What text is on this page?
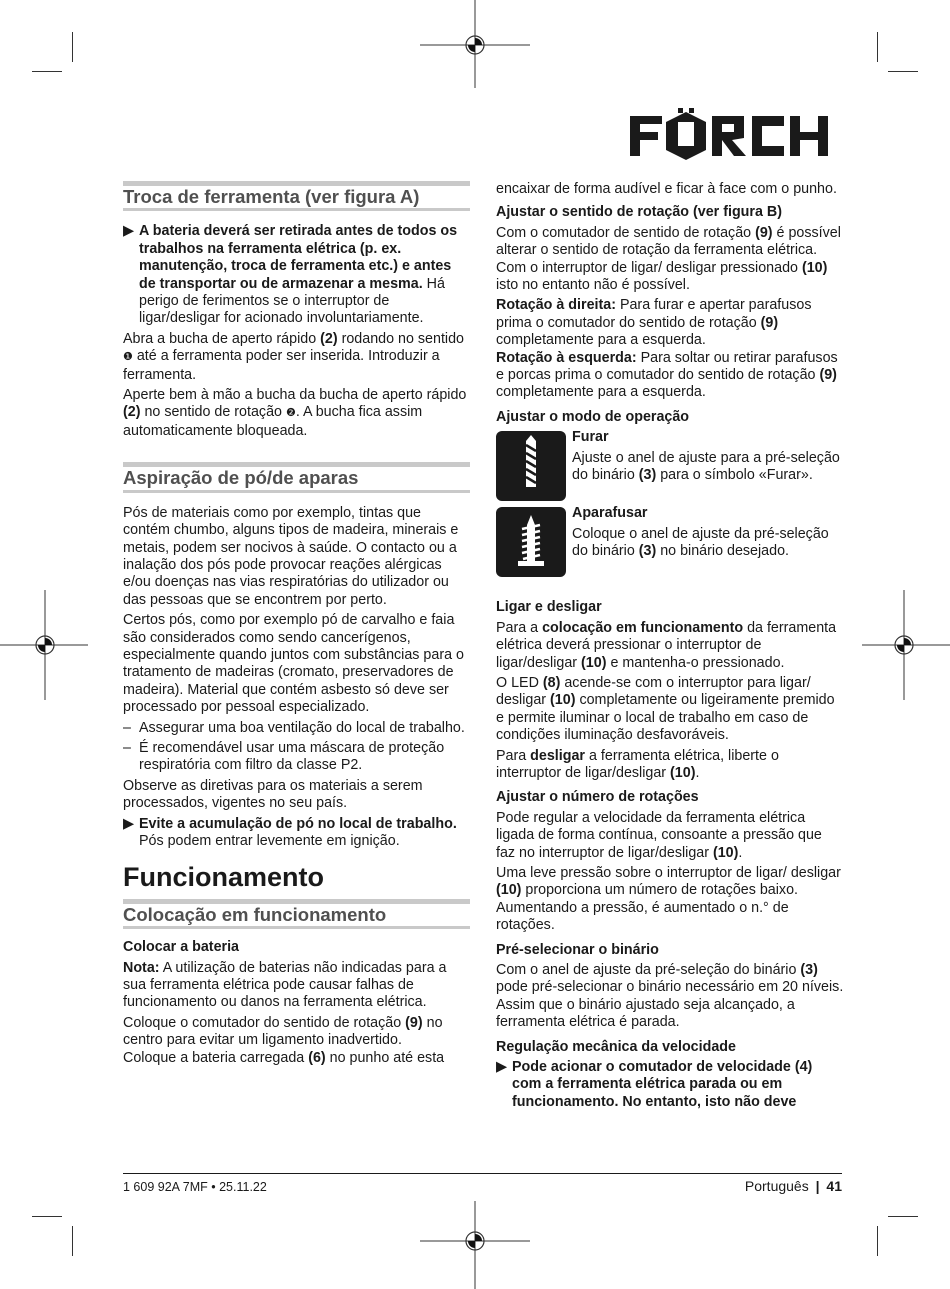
Troca de ferramenta (ver figura A)
▶ A bateria deverá ser retirada antes de todos os trabalhos na ferramenta elétrica (p. ex. manutenção, troca de ferramenta etc.) e antes de transportar ou de armazenar a mesma. Há perigo de ferimentos se o interruptor de ligar/desligar for acionado involuntariamente.

Abra a bucha de aperto rápido (2) rodando no sentido ❶ até a ferramenta poder ser inserida. Introduzir a ferramenta.

Aperte bem à mão a bucha da bucha de aperto rápido (2) no sentido de rotação ❷. A bucha fica assim automaticamente bloqueada.

Aspiração de pó/de aparas

Pós de materiais como por exemplo, tintas que contém chumbo, alguns tipos de madeira, minerais e metais, podem ser nocivos à saúde. O contacto ou a inalação dos pós pode provocar reações alérgicas e/ou doenças nas vias respiratórias do utilizador ou das pessoas que se encontrem por perto.

Certos pós, como por exemplo pó de carvalho e faia são considerados como sendo cancerígenos, especialmente quando juntos com substâncias para o tratamento de madeiras (cromato, preservadores de madeira). Material que contém asbesto só deve ser processado por pessoal especializado.

– Assegurar uma boa ventilação do local de trabalho.
– É recomendável usar uma máscara de proteção respiratória com filtro da classe P2.

Observe as diretivas para os materiais a serem processados, vigentes no seu país.

▶ Evite a acumulação de pó no local de trabalho. Pós podem entrar levemente em ignição.
Funcionamento
Colocação em funcionamento

Colocar a bateria

Nota: A utilização de baterias não indicadas para a sua ferramenta elétrica pode causar falhas de funcionamento ou danos na ferramenta elétrica.

Coloque o comutador do sentido de rotação (9) no centro para evitar um ligamento inadvertido.

Coloque a bateria carregada (6) no punho até esta

encaixar de forma audível e ficar à face com o punho.

Ajustar o sentido de rotação (ver figura B)

Com o comutador de sentido de rotação (9) é possível alterar o sentido de rotação da ferramenta elétrica. Com o interruptor de ligar/ desligar pressionado (10) isto no entanto não é possível.

Rotação à direita: Para furar e apertar parafusos prima o comutador do sentido de rotação (9) completamente para a esquerda.

Rotação à esquerda: Para soltar ou retirar parafusos e porcas prima o comutador do sentido de rotação (9) completamente para a esquerda.

Ajustar o modo de operação

Furar

Ajuste o anel de ajuste para a pré-seleção do binário (3) para o símbolo «Furar».

Aparafusar

Coloque o anel de ajuste da pré-seleção do binário (3) no binário desejado.

Ligar e desligar

Para a colocação em funcionamento da ferramenta elétrica deverá pressionar o interruptor de ligar/desligar (10) e mantenha-o pressionado.

O LED (8) acende-se com o interruptor para ligar/ desligar (10) completamente ou ligeiramente premido e permite iluminar o local de trabalho em caso de condições iluminação desfavoráveis.

Para desligar a ferramenta elétrica, liberte o interruptor de ligar/desligar (10).

Ajustar o número de rotações

Pode regular a velocidade da ferramenta elétrica ligada de forma contínua, consoante a pressão que faz no interruptor de ligar/desligar (10).

Uma leve pressão sobre o interruptor de ligar/ desligar (10) proporciona um número de rotações baixo. Aumentando a pressão, é aumentado o n.° de rotações.

Pré-selecionar o binário

Com o anel de ajuste da pré-seleção do binário (3) pode pré-selecionar o binário necessário em 20 níveis. Assim que o binário ajustado seja alcançado, a ferramenta elétrica é parada.

Regulação mecânica da velocidade

▶ Pode acionar o comutador de velocidade (4) com a ferramenta elétrica parada ou em funcionamento. No entanto, isto não deve
1 609 92A 7MF • 25.11.22	Português | 41
